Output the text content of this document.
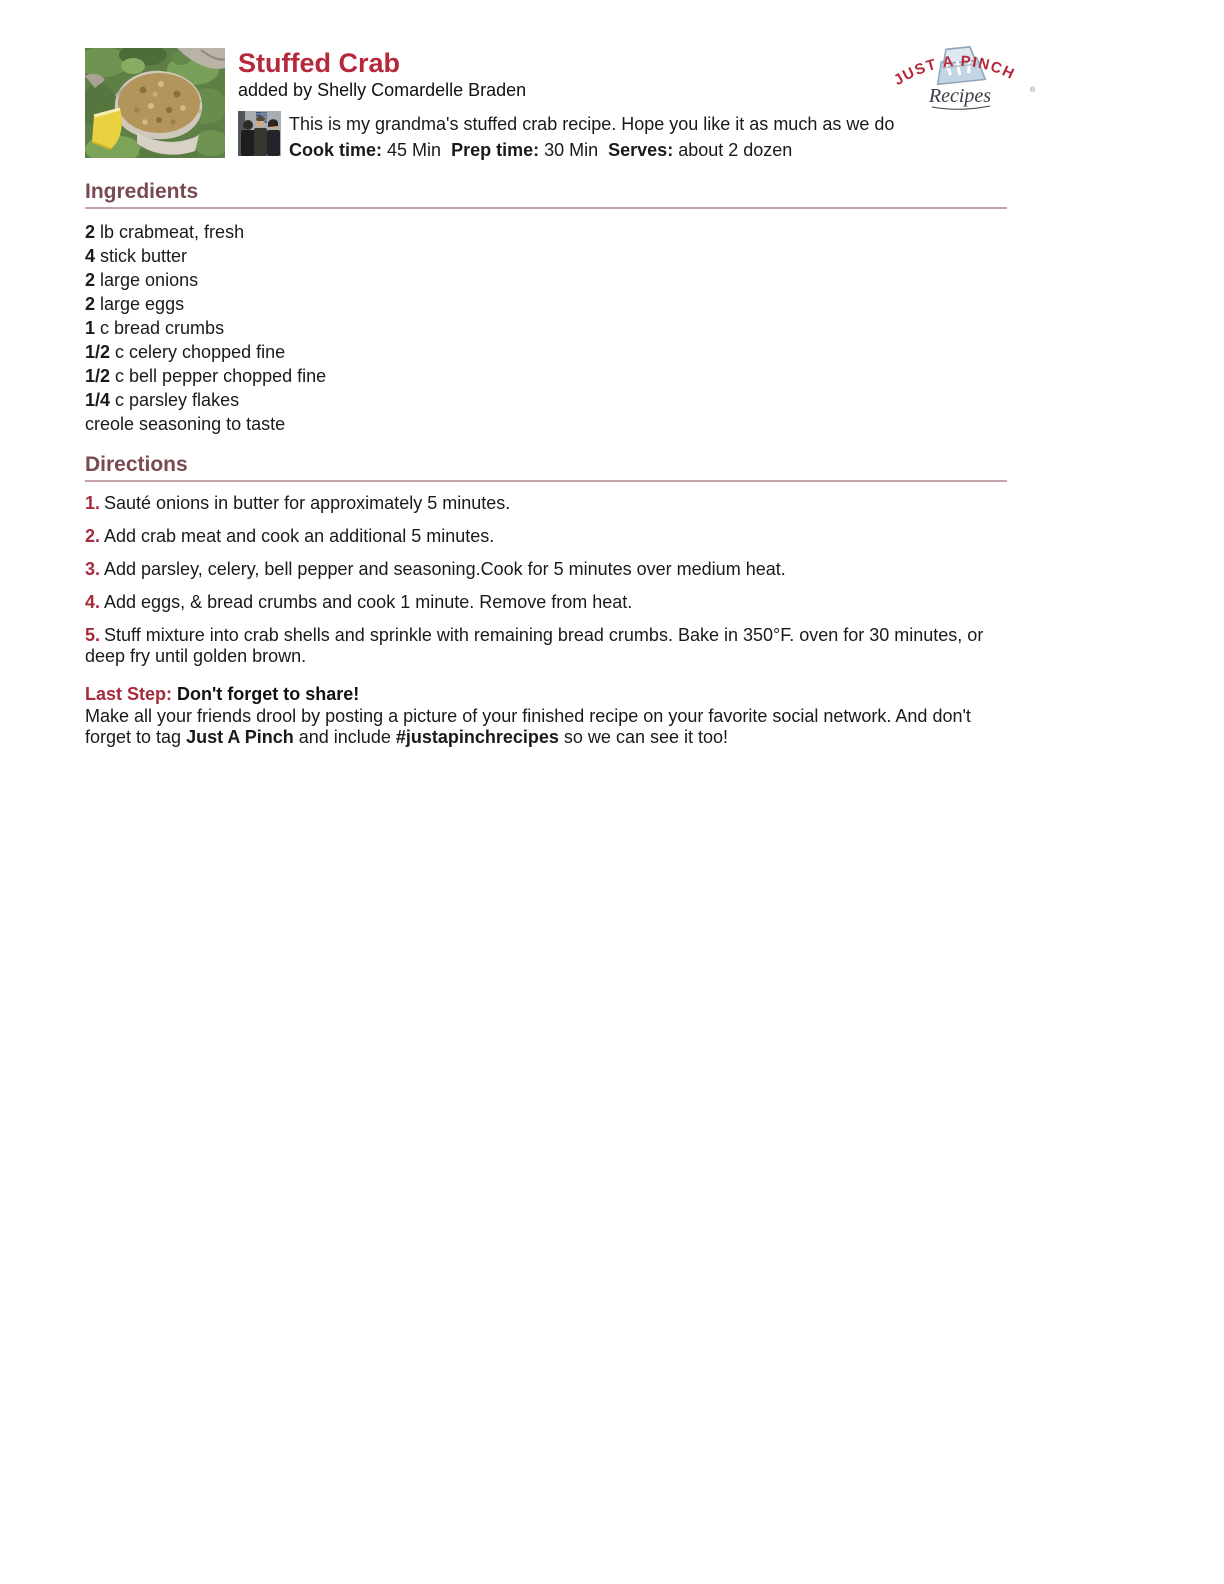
Stuffed Crab
added by Shelly Comardelle Braden
This is my grandma's stuffed crab recipe. Hope you like it as much as we do
Cook time: 45 Min Prep time: 30 Min Serves: about 2 dozen
JUST A PINCH
®
Recipes
Ingredients
2 lb crabmeat, fresh
4 stick butter
2 large onions
2 large eggs
1 c bread crumbs
1/2 c celery chopped fine
1/2 c bell pepper chopped fine
1/4 c parsley flakes
creole seasoning to taste
Directions

1. Sauté onions in butter for approximately 5 minutes.

2. Add crab meat and cook an additional 5 minutes.

3. Add parsley, celery, bell pepper and seasoning.Cook for 5 minutes over medium heat.

4. Add eggs, & bread crumbs and cook 1 minute. Remove from heat.

5. Stuff mixture into crab shells and sprinkle with remaining bread crumbs. Bake in 350°F. oven for 30 minutes, or deep fry until golden brown.

Last Step: Don't forget to share!
Make all your friends drool by posting a picture of your finished recipe on your favorite social network. And don't forget to tag Just A Pinch and include #justapinchrecipes so we can see it too!
